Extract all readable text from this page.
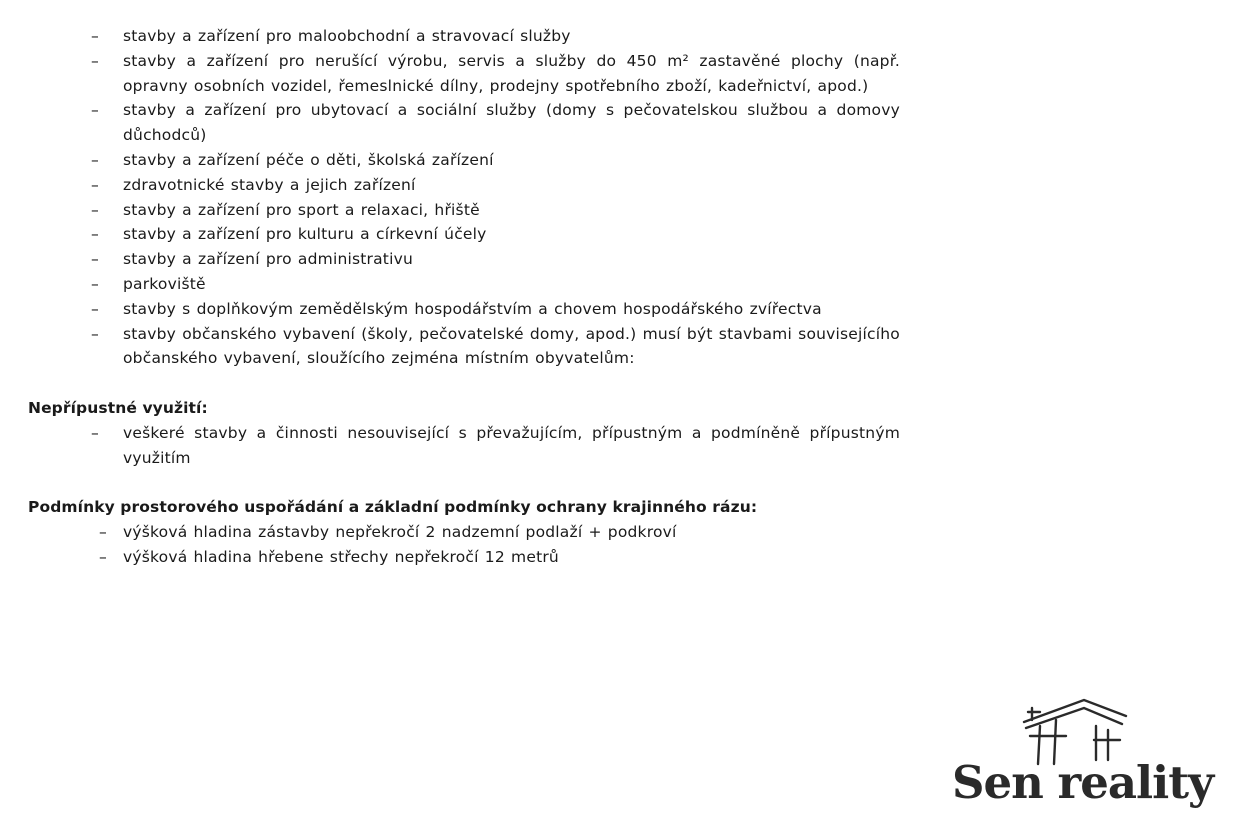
– stavby a zařízení pro maloobchodní a stravovací služby
– stavby a zařízení pro nerušící výrobu, servis a služby do 450 m² zastavěné plochy (např. opravny osobních vozidel, řemeslnické dílny, prodejny spotřebního zboží, kadeřnictví, apod.)
– stavby a zařízení pro ubytovací a sociální služby (domy s pečovatelskou službou a domovy důchodců)
– stavby a zařízení péče o děti, školská zařízení
– zdravotnické stavby a jejich zařízení
– stavby a zařízení pro sport a relaxaci, hřiště
– stavby a zařízení pro kulturu a církevní účely
– stavby a zařízení pro administrativu
– parkoviště
– stavby s doplňkovým zemědělským hospodářstvím a chovem hospodářského zvířectva
– stavby občanského vybavení (školy, pečovatelské domy, apod.) musí být stavbami souvisejícího občanského vybavení, sloužícího zejména místním obyvatelům:

Nepřípustné využití:

– veškeré stavby a činnosti nesouvisející s převažujícím, přípustným a podmíněně přípustným využitím

Podmínky prostorového uspořádání a základní podmínky ochrany krajinného rázu:

– výšková hladina zástavby nepřekročí 2 nadzemní podlaží + podkroví
– výšková hladina hřebene střechy nepřekročí 12 metrů
Sen reality
